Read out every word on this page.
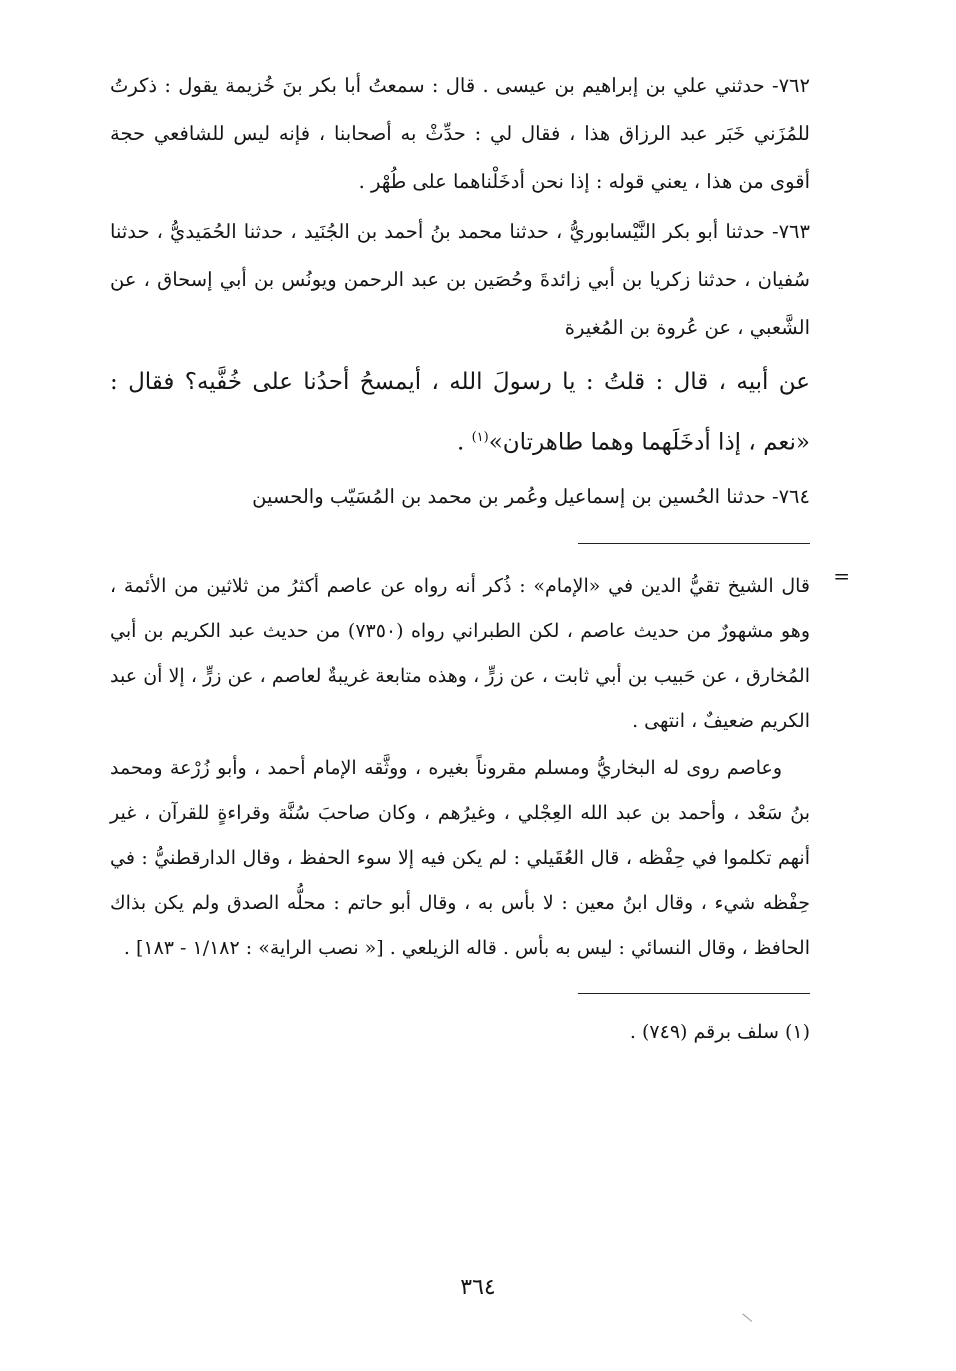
٧٦٢- حدثني علي بن إبراهيم بن عيسى . قال : سمعتُ أبا بكر بنَ خُزيمة يقول : ذكرتُ للمُزَني خَبَر عبد الرزاق هذا ، فقال لي : حدِّثْ به أصحابنا ، فإنه ليس للشافعي حجة أقوى من هذا ، يعني قوله : إذا نحن أدخَلْناهما على طُهْر .

٧٦٣- حدثنا أبو بكر النَّيْسابوريُّ ، حدثنا محمد بنُ أحمد بن الجُنَيد ، حدثنا الحُمَيديُّ ، حدثنا سُفيان ، حدثنا زكريا بن أبي زائدةَ وحُصَين بن عبد الرحمن ويونُس بن أبي إسحاق ، عن الشَّعبي ، عن عُروة بن المُغيرة

عن أبيه ، قال : قلتُ : يا رسولَ الله ، أيمسحُ أحدُنا على خُفَّيه؟ فقال : «نعم ، إذا أدخَلَهما وهما طاهرتان»$^{(١)}$ .

٧٦٤- حدثنا الحُسين بن إسماعيل وعُمر بن محمد بن المُسَيّب والحسين

=

قال الشيخ تقيُّ الدين في «الإمام» : ذُكر أنه رواه عن عاصم أكثرُ من ثلاثين من الأئمة ، وهو مشهورٌ من حديث عاصم ، لكن الطبراني رواه (٧٣٥٠) من حديث عبد الكريم بن أبي المُخارق ، عن حَبيب بن أبي ثابت ، عن زرٍّ ، وهذه متابعة غريبةٌ لعاصم ، عن زرٍّ ، إلا أن عبد الكريم ضعيفٌ ، انتهى .

وعاصم روى له البخاريُّ ومسلم مقروناً بغيره ، ووثَّقه الإمام أحمد ، وأبو زُرْعة ومحمد بنُ سَعْد ، وأحمد بن عبد الله العِجْلي ، وغيرُهم ، وكان صاحبَ سُنَّة وقراءةٍ للقرآن ، غير أنهم تكلموا في حِفْظه ، قال العُقَيلي : لم يكن فيه إلا سوء الحفظ ، وقال الدارقطنيُّ : في حِفْظه شيء ، وقال ابنُ معين : لا بأس به ، وقال أبو حاتم : محلُّه الصدق ولم يكن بذاك الحافظ ، وقال النسائي : ليس به بأس . قاله الزيلعي . [« نصب الراية» : ١/١٨٢ - ١٨٣] .

(١) سلف برقم (٧٤٩) .

٣٦٤
